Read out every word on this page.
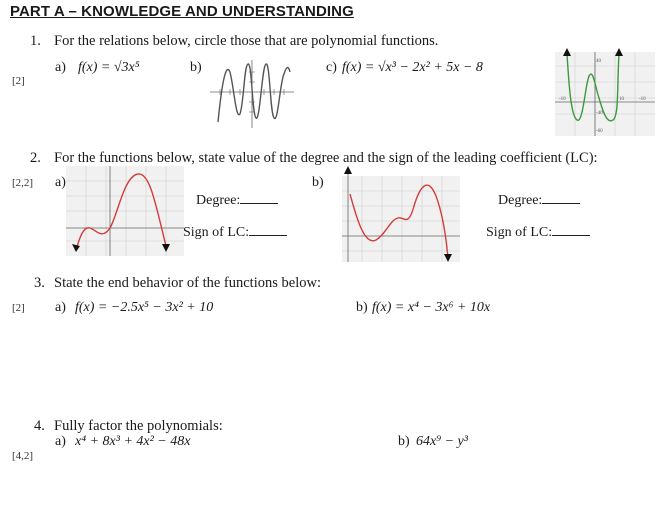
PART A – KNOWLEDGE AND UNDERSTANDING
1. For the relations below, circle those that are polynomial functions.
[2]
a) f(x) = √3x⁵	b)	c) f(x) = √x³ − 2x² + 5x − 8	40
-10	10	-10
-40
-60
2. For the functions below, state value of the degree and the sign of the leading coefficient (LC):
[2,2] a)	b)
Degree:
Sign of LC:
Degree:
Sign of LC:
3. State the end behavior of the functions below:
[2] a) f(x) = −2.5x⁵ − 3x² + 10	b) f(x) = x⁴ − 3x⁶ + 10x
4. Fully factor the polynomials:
a) x⁴ + 8x³ + 4x² − 48x	b) 64x⁹ − y³
[4,2]
